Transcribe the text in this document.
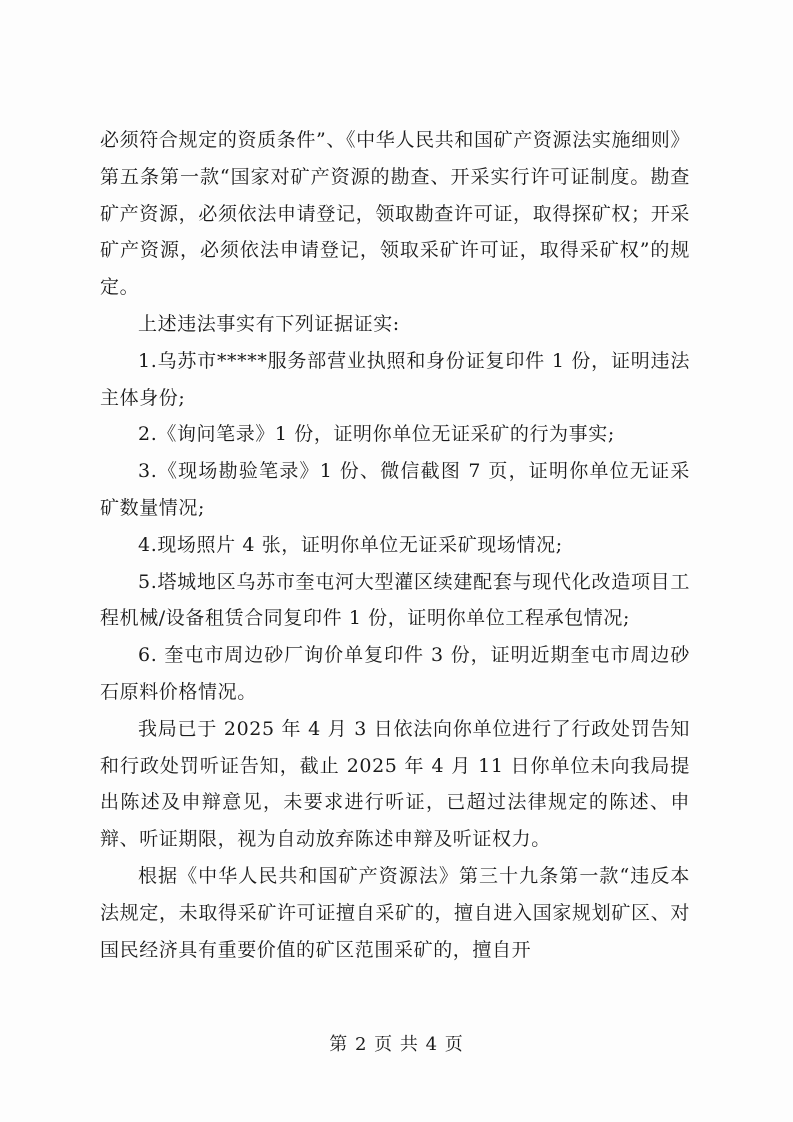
必须符合规定的资质条件”、《中华人民共和国矿产资源法实施细则》第五条第一款“国家对矿产资源的勘查、开采实行许可证制度。勘查矿产资源，必须依法申请登记，领取勘查许可证，取得探矿权；开采矿产资源，必须依法申请登记，领取采矿许可证，取得采矿权”的规定。

上述违法事实有下列证据证实:

1.乌苏市*****服务部营业执照和身份证复印件 1 份，证明违法主体身份;

2.《询问笔录》1 份，证明你单位无证采矿的行为事实;

3.《现场勘验笔录》1 份、微信截图 7 页，证明你单位无证采矿数量情况;

4.现场照片 4 张，证明你单位无证采矿现场情况;

5.塔城地区乌苏市奎屯河大型灌区续建配套与现代化改造项目工程机械/设备租赁合同复印件 1 份，证明你单位工程承包情况;

6. 奎屯市周边砂厂询价单复印件 3 份，证明近期奎屯市周边砂石原料价格情况。

我局已于 2025 年 4 月 3 日依法向你单位进行了行政处罚告知和行政处罚听证告知，截止 2025 年 4 月 11 日你单位未向我局提出陈述及申辩意见，未要求进行听证，已超过法律规定的陈述、申辩、听证期限，视为自动放弃陈述申辩及听证权力。

根据《中华人民共和国矿产资源法》第三十九条第一款“违反本法规定，未取得采矿许可证擅自采矿的，擅自进入国家规划矿区、对国民经济具有重要价值的矿区范围采矿的，擅自开

第 2 页 共 4 页
